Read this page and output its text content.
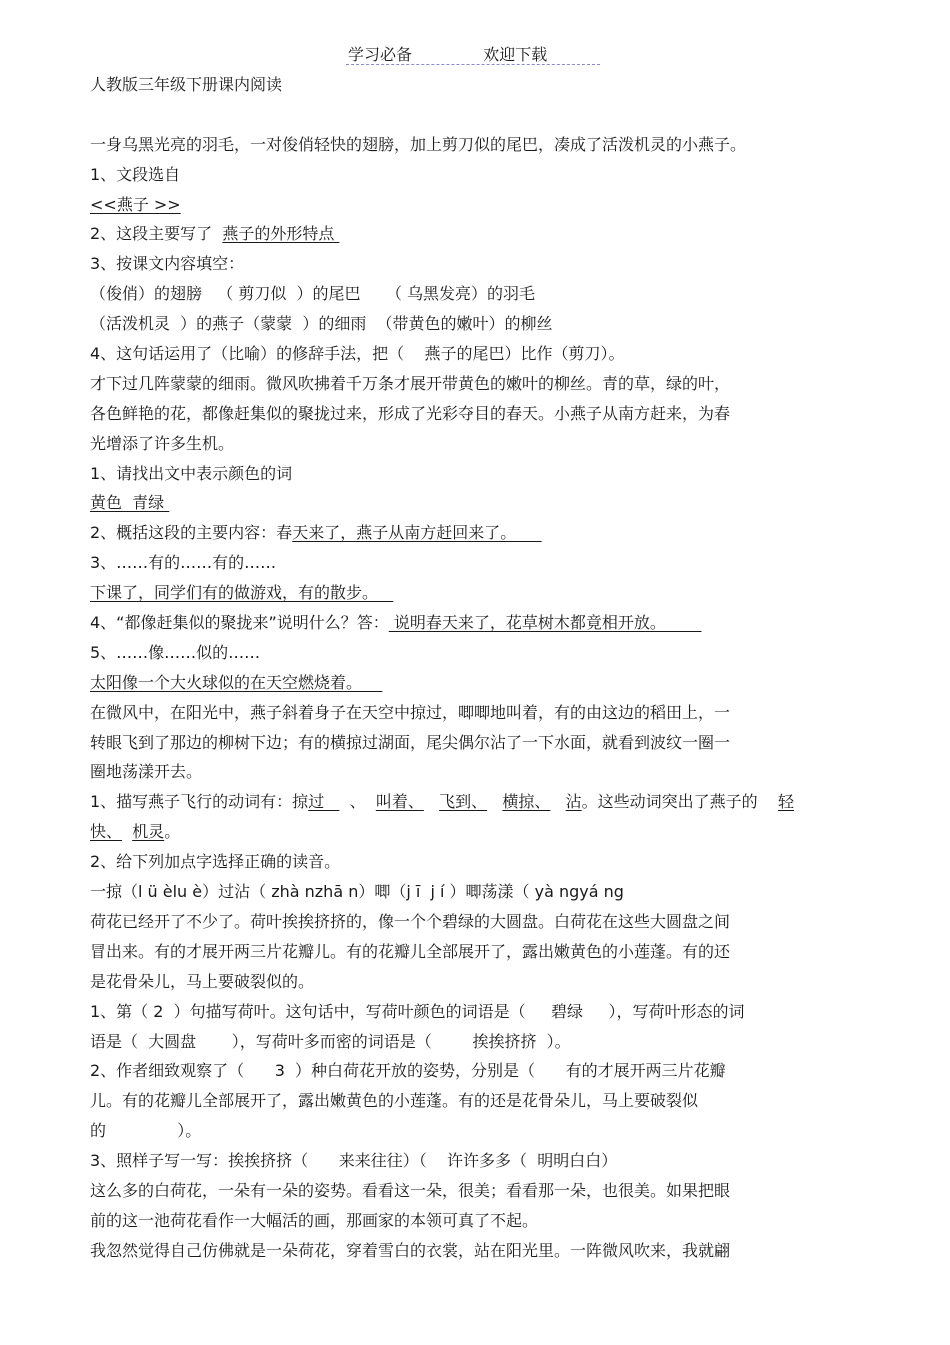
学习必备	欢迎下载
人教版三年级下册课内阅读
一身乌黑光亮的羽毛，一对俊俏轻快的翅膀，加上剪刀似的尾巴，凑成了活泼机灵的小燕子。
1、文段选自
<<燕子 >>
2、这段主要写了  燕子的外形特点
3、按课文内容填空：
（俊俏）的翅膀   （ 剪刀似  ）的尾巴     （ 乌黑发亮）的羽毛
（活泼机灵  ）的燕子（蒙蒙  ）的细雨  （带黄色的嫩叶）的柳丝
4、这句话运用了（比喻）的修辞手法，把（    燕子的尾巴）比作（剪刀）。
才下过几阵蒙蒙的细雨。微风吹拂着千万条才展开带黄色的嫩叶的柳丝。青的草，绿的叶，
各色鲜艳的花，都像赶集似的聚拢过来，形成了光彩夺目的春天。小燕子从南方赶来，为春
光增添了许多生机。
1、请找出文中表示颜色的词
黄色  青绿
2、概括这段的主要内容：春天来了，燕子从南方赶回来了。
3、……有的……有的……
下课了，同学们有的做游戏，有的散步。
4、“都像赶集似的聚拢来”说明什么？答： 说明春天来了，花草树木都竟相开放。
5、……像……似的……
太阳像一个大火球似的在天空燃烧着。
在微风中，在阳光中，燕子斜着身子在天空中掠过，唧唧地叫着，有的由这边的稻田上，一
转眼飞到了那边的柳树下边；有的横掠过湖面，尾尖偶尔沾了一下水面，就看到波纹一圈一
圈地荡漾开去。
1、描写燕子飞行的动词有：掠过     、  叫着、 飞到、 横掠、 沾。这些动词突出了燕子的    轻
快、 机灵。
2、给下列加点字选择正确的读音。
一掠（l ü èlu è）过沾（ zhà nzhā n）唧（j ī  j í ）唧荡漾（ yà ngyá ng
荷花已经开了不少了。荷叶挨挨挤挤的，像一个个碧绿的大圆盘。白荷花在这些大圆盘之间
冒出来。有的才展开两三片花瓣儿。有的花瓣儿全部展开了，露出嫩黄色的小莲蓬。有的还
是花骨朵儿，马上要破裂似的。
1、第（ 2  ）句描写荷叶。这句话中，写荷叶颜色的词语是（     碧绿     ），写荷叶形态的词
语是（  大圆盘       ），写荷叶多而密的词语是（        挨挨挤挤  ）。
2、作者细致观察了（      3  ）种白荷花开放的姿势，分别是（      有的才展开两三片花瓣
儿。有的花瓣儿全部展开了，露出嫩黄色的小莲蓬。有的还是花骨朵儿，马上要破裂似
的              ）。
3、照样子写一写：挨挨挤挤（      来来往往）（    许许多多（  明明白白）
这么多的白荷花，一朵有一朵的姿势。看看这一朵，很美；看看那一朵，也很美。如果把眼
前的这一池荷花看作一大幅活的画，那画家的本领可真了不起。
我忽然觉得自己仿佛就是一朵荷花，穿着雪白的衣裳，站在阳光里。一阵微风吹来，我就翩
